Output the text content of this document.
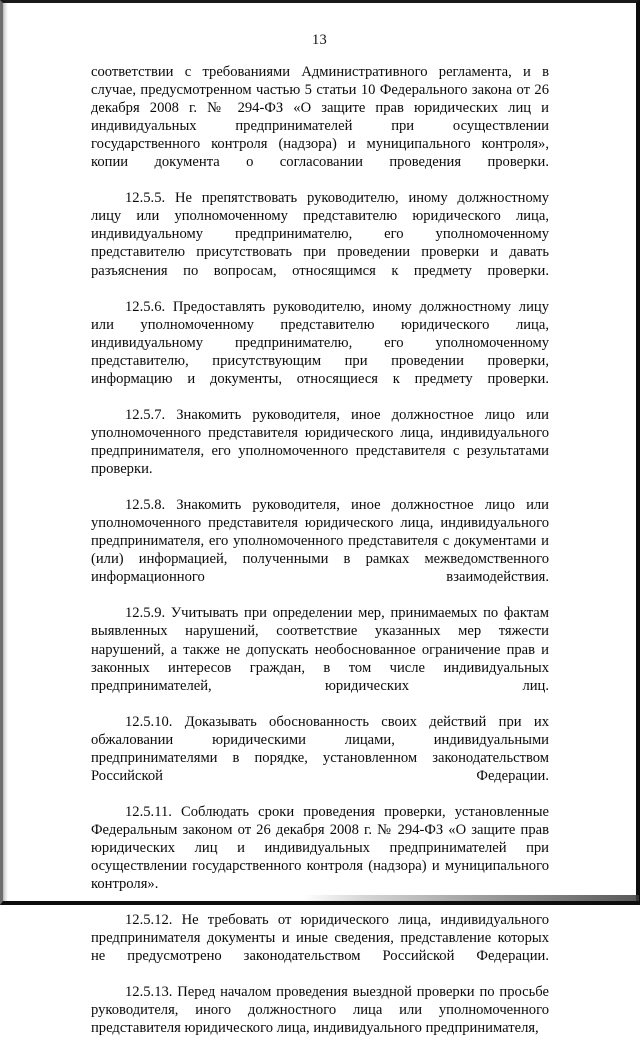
13

соответствии с требованиями Административного регламента, и в случае, предусмотренном частью 5 статьи 10 Федерального закона от 26 декабря 2008 г. № 294-ФЗ «О защите прав юридических лиц и индивидуальных предпринимателей при осуществлении государственного контроля (надзора) и муниципального контроля», копии документа о согласовании проведения проверки.

12.5.5. Не препятствовать руководителю, иному должностному лицу или уполномоченному представителю юридического лица, индивидуальному предпринимателю, его уполномоченному представителю присутствовать при проведении проверки и давать разъяснения по вопросам, относящимся к предмету проверки.

12.5.6. Предоставлять руководителю, иному должностному лицу или уполномоченному представителю юридического лица, индивидуальному предпринимателю, его уполномоченному представителю, присутствующим при проведении проверки, информацию и документы, относящиеся к предмету проверки.

12.5.7. Знакомить руководителя, иное должностное лицо или уполномоченного представителя юридического лица, индивидуального предпринимателя, его уполномоченного представителя с результатами проверки.

12.5.8. Знакомить руководителя, иное должностное лицо или уполномоченного представителя юридического лица, индивидуального предпринимателя, его уполномоченного представителя с документами и (или) информацией, полученными в рамках межведомственного информационного взаимодействия.

12.5.9. Учитывать при определении мер, принимаемых по фактам выявленных нарушений, соответствие указанных мер тяжести нарушений, а также не допускать необоснованное ограничение прав и законных интересов граждан, в том числе индивидуальных предпринимателей, юридических лиц.

12.5.10. Доказывать обоснованность своих действий при их обжаловании юридическими лицами, индивидуальными предпринимателями в порядке, установленном законодательством Российской Федерации.

12.5.11. Соблюдать сроки проведения проверки, установленные Федеральным законом от 26 декабря 2008 г. № 294-ФЗ «О защите прав юридических лиц и индивидуальных предпринимателей при осуществлении государственного контроля (надзора) и муниципального контроля».

12.5.12. Не требовать от юридического лица, индивидуального предпринимателя документы и иные сведения, представление которых не предусмотрено законодательством Российской Федерации.

12.5.13. Перед началом проведения выездной проверки по просьбе руководителя, иного должностного лица или уполномоченного представителя юридического лица, индивидуального предпринимателя,
